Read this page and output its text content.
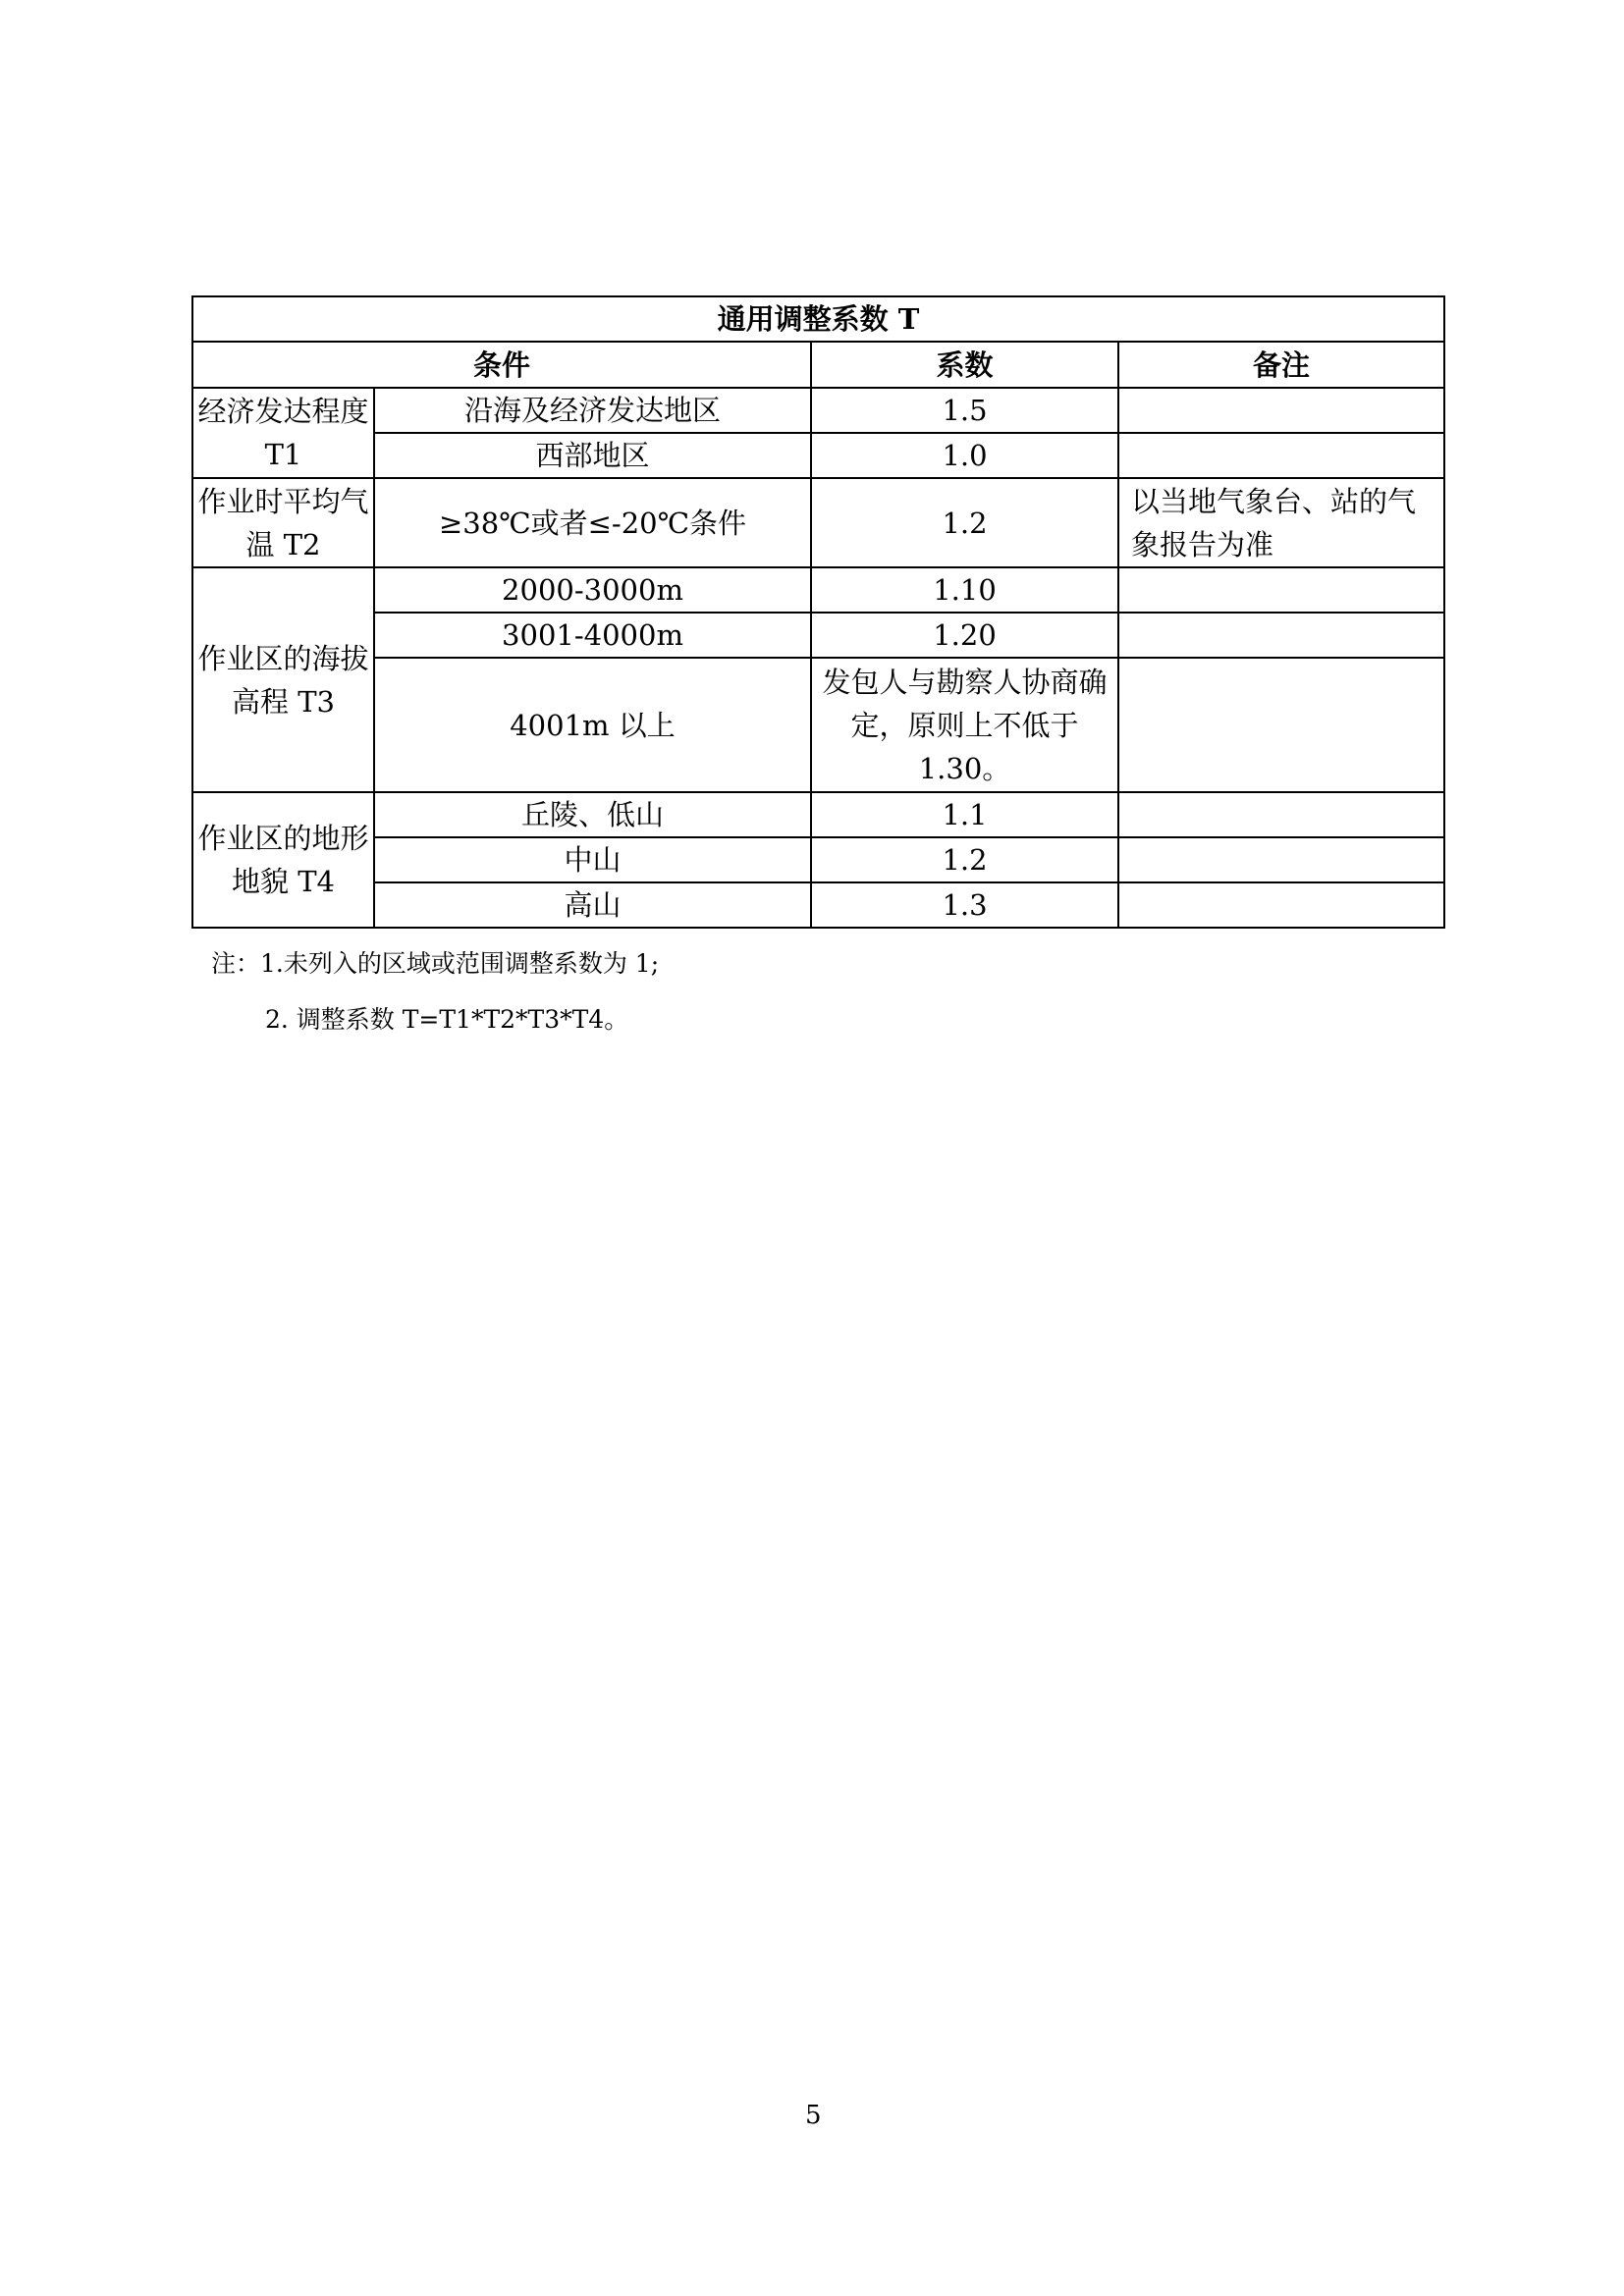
通用调整系数 T			
条件		系数	备注
经济发达程度 T1	沿海及经济发达地区	1.5	
	西部地区	1.0	
作业时平均气温 T2	≥38℃或者≤-20℃条件	1.2	以当地气象台、站的气象报告为准
作业区的海拔高程 T3	2000-3000m	1.10	
	3001-4000m	1.20	
	4001m 以上	发包人与勘察人协商确定，原则上不低于 1.30。	
作业区的地形地貌 T4	丘陵、低山	1.1	
	中山	1.2	
	高山	1.3	
注：1.未列入的区域或范围调整系数为 1;
2. 调整系数 T=T1*T2*T3*T4。
5
